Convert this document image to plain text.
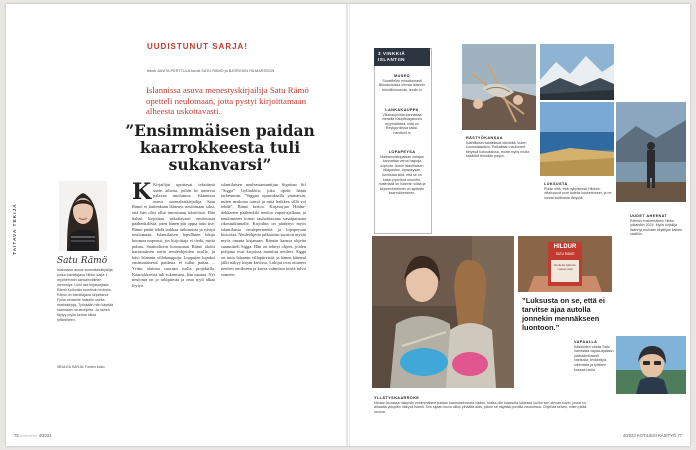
UUDISTUNUT SARJA!
teksti JANITA PERTTULA kuvat SATU RÄMÖ ja BJÖRGVIN HILMARSSON
Islannissa asuva menestyskirjailija Satu Rämö opetteli neulomaan, jotta pystyi kirjoittamaan alheesta uskottavasti.
”Ensimmäisen paidan kaarrokkeesta tuli sukanvarsi”
TAITAVA TEKIJÄ
Satu Rämö
Islannissa asuva suomalaiskirjailija, jonka toimittajana Hildur-sarja 1 myöhemmin kansainvälinen menestys. Uusi osa kirjasarjasta Rämö Kullonkin tuoreisiin teoksiin. Rämö on toimittajana kirjoittanut Fjolla-nimiselle naiselle useita matkakirjoja. Työssään hän käyttää saamiaan neuleohjeita. Ja hänen täytyy myös kertoa kiitos tyttärelleen.
NEULEA SARJA: Fonten luotu.
K Kirjailijat upottavat tekstiinsä usein aiheita, joihin he tuntevat palavaa intohimoa. Islannissa asuva suomalaiskirjailija Satu Rämö ei kuitenkaan lähtenyt neulomaan siksi, että hän olisi ollut innostunut käsitöistä. Hän halusi kirjoittaa uskottavasti neulovasta päähenkilöstä, joten hänen piti oppia taito itse. Rämö päätti tehdä tarkkaa tutkimusta ja ryhtyä neulomaan. Islantilaisen lopullinen lukija huomaa nopeasti, jos kirjoittaja ei tiedä, mistä puhuu. Saattoiltoon hotoutunut Rämö aloitti harrastuksen netin neuleohjeiden avulla, ja kävi Islannin villakauppoja. Loppujen lopuksi ensimmäisestä paidasta ei tullut paitaa. – Yritin aloittaa suoraan isolla projektilla. Kaarrokkeesta tuli sukanvarsi, hän nauraa. Nyt neulonta on jo arkipäivää ja oma tyyli alkaa löytyä.
islantilaisen neuleasiantuntijan Sigrúnar Sif ”Sigga” Gylfadóttir, joka opetti häntä tarkemmin. ”Siggan opastuksella ymmärsin, miten neulonta toimii ja mitä kaikkea sillä voi tehdä”, Rämö kertoo. Kirjasarjan Hildur-dekkarien päähenkilö neuloo vapaa-ajallaan, ja neulominen toimii rauhoittavana vastapainona rikostutkinnalle. Kirjoihin on päätynyt myös islantilaisia neuleperinteitä ja lopapeysan historiaa. Neuleohjeita julkaistiin suosion myötä myös omana kirjanaan. Rämön kanssa ohjeita suunnitteli Sigga. Hän on tehnyt ohjeet, joiden pohjana ovat kirjoissa mainitut neuleet. Sigga on tuttu Islannin villapiireistä, ja hänen kätensä jälki näkyy kirjan kuvissa. Lukijat ovat ottaneet neuleet omikseen ja kuvia valmiista töistä tulvii someen.
78 ○○○○○○○ 4/2023
3 VINKKIÄ ISLANTIIN
MUSEO
Suosittelen ehdottomasti Blönduósissa olevaa Islannin tekstiilimuseota, textile.is
LANKAKAUPPA
Villakaupoista kannattaa vierailla Kaupfelagshúsin myymälässä, niitä on Reykjavíkissa kaksi. handknit.is
LOPAPEYSA
Matkamuistopaidan ostajan kannattaa varoa halpoja kopioita. Aidon islantilaisen villapaidan, lopapeysan, tunnistaa siitä, että se on käsin pyöröinä neulottu, materiaali on islannin villaa ja kirjoneuletekstin on ajoitettu kaarrokkeeseen.
HILDUR
SATU RÄMÖ
Neuleita islannin maisemista
RÄSTYÖKANSAA
Islantilaiset rakastavat käsitöitä, kuten suomalaisetkin. Palkaltaan neuloneet tietyssä kokouksissa, mutta myös muita käsitöitä tehdään paljon.
LUKSUSTA
Pidän siitä, että nykyisessä Hildurin villahousut ovat todella koskettuneet, ja ne luovat kodikasta lämpöä.
UUDET AHEENAT
Rämön ensimmäinen Hildur julkaistiin 2024. Myös kirjailija lisännyt mukaan kirjailijan kaiken sisällön.
VAPAALLA
Käsitöiden ohella Satu harrastaa vapaa-ajallaan pääsääntöisesti vaellusta, lenkkeilyä, lukemista ja tyttären kanssa uintia.
”Luksusta on se, että ei tarvitse ajaa autolla jonnekin mennäkseen luontoon.”
YLLÄTYSKAARROKE
Neulon kuvassa näkyvän ensimmäisen paidan kaarrokekuviota väärin, koska olin kaavioita lukiessa luullut sen olevan kuvio, jossa on alhaalta ylöspäin näkyvä Islanti. Sen sijaan kuvio olikin ylhäältä alas, jolloin se näyttää poroilta neuloessa. Ohjeista selvisi, miten pitää neuloa.
4/2023 KOTILIESI KÄSITYÖ 77
